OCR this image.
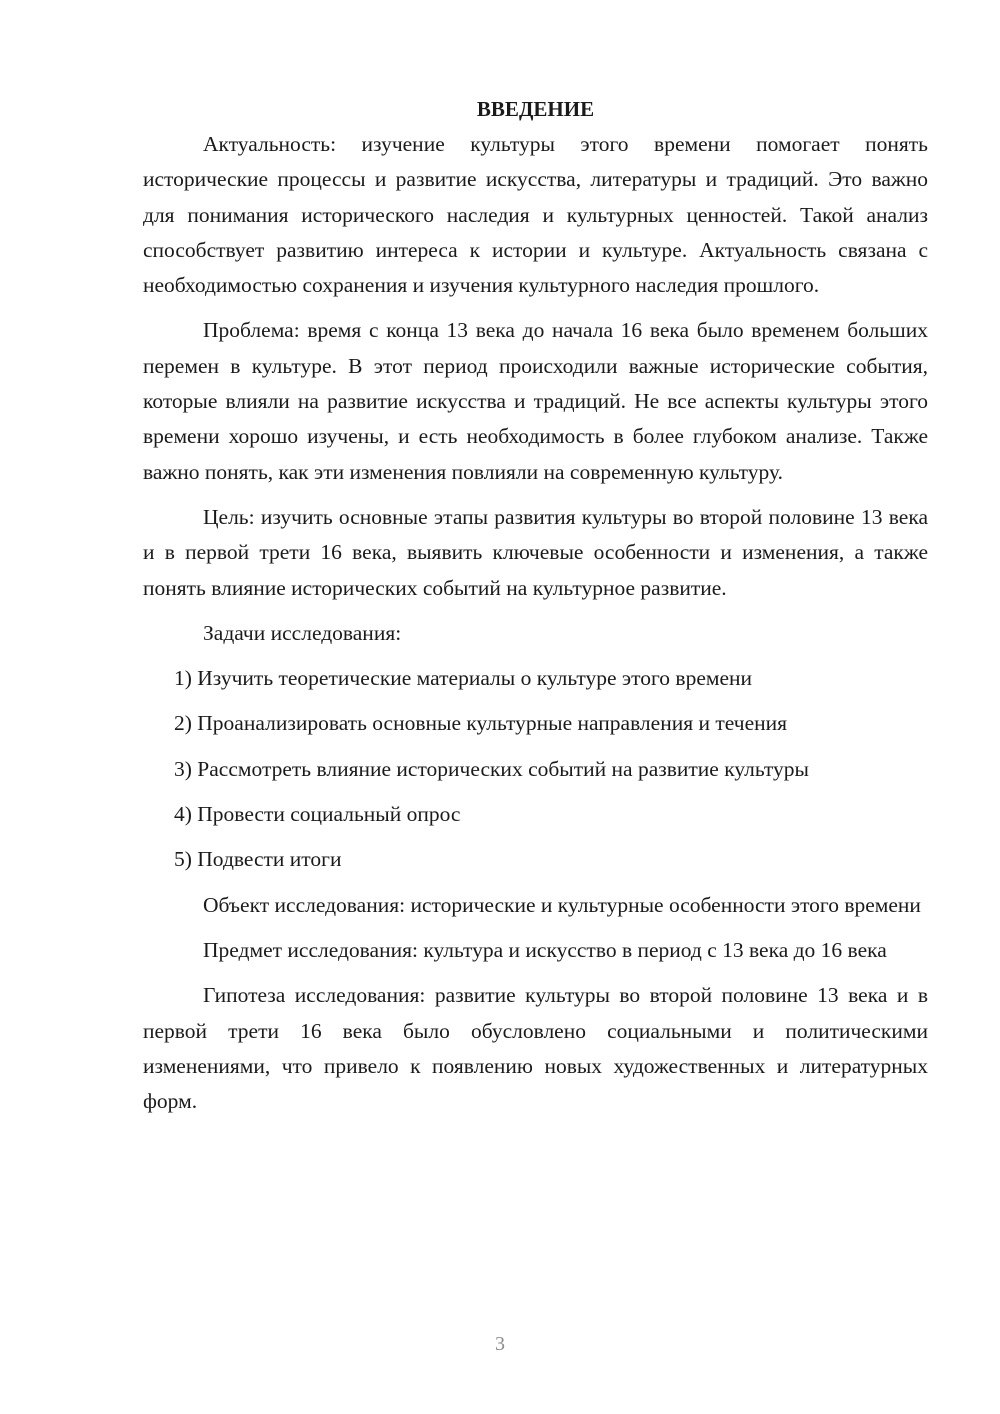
ВВЕДЕНИЕ

Актуальность: изучение культуры этого времени помогает понять исторические процессы и развитие искусства, литературы и традиций. Это важно для понимания исторического наследия и культурных ценностей. Такой анализ способствует развитию интереса к истории и культуре. Актуальность связана с необходимостью сохранения и изучения культурного наследия прошлого.

Проблема: время с конца 13 века до начала 16 века было временем больших перемен в культуре. В этот период происходили важные исторические события, которые влияли на развитие искусства и традиций. Не все аспекты культуры этого времени хорошо изучены, и есть необходимость в более глубоком анализе. Также важно понять, как эти изменения повлияли на современную культуру.

Цель: изучить основные этапы развития культуры во второй половине 13 века и в первой трети 16 века, выявить ключевые особенности и изменения, а также понять влияние исторических событий на культурное развитие.

Задачи исследования:

1) Изучить теоретические материалы о культуре этого времени
2) Проанализировать основные культурные направления и течения
3) Рассмотреть влияние исторических событий на развитие культуры
4) Провести социальный опрос
5) Подвести итоги

Объект исследования: исторические и культурные особенности этого времени

Предмет исследования: культура и искусство в период с 13 века до 16 века

Гипотеза исследования: развитие культуры во второй половине 13 века и в первой трети 16 века было обусловлено социальными и политическими изменениями, что привело к появлению новых художественных и литературных форм.

3
